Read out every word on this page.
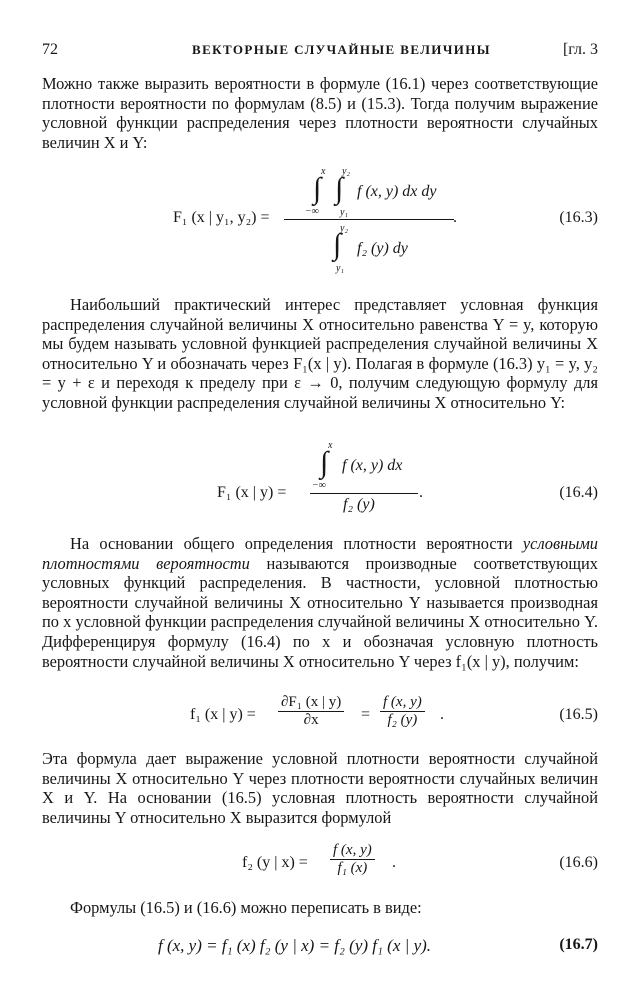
72	ВЕКТОРНЫЕ СЛУЧАЙНЫЕ ВЕЛИЧИНЫ	[гл. 3

Можно также выразить вероятности в формуле (16.1) через соответствующие плотности вероятности по формулам (8.5) и (15.3). Тогда получим выражение условной функции распределения через плотности вероятности случайных величин X и Y:

F₁ (x | y₁, y₂) =
x y₂
∫ ∫ f (x, y) dx dy
−∞ y₁	.
y₂
∫ f₂ (y) dy
y₁
(16.3)

Наибольший практический интерес представляет условная функция распределения случайной величины X относительно равенства Y = y, которую мы будем называть условной функцией распределения случайной величины X относительно Y и обозначать через F₁(x | y). Полагая в формуле (16.3) y₁ = y, y₂ = y + ε и переходя к пределу при ε → 0, получим следующую формулу для условной функции распределения случайной величины X относительно Y:

x
∫ f (x, y) dx
F₁ (x | y) =	−∞	.
f₂ (y)
(16.4)

На основании общего определения плотности вероятности условными плотностями вероятности называются производные соответствующих условных функций распределения. В частности, условной плотностью вероятности случайной величины X относительно Y называется производная по x условной функции распределения случайной величины X относительно Y. Дифференцируя формулу (16.4) по x и обозначая условную плотность вероятности случайной величины X относительно Y через f₁(x | y), получим:

f₁ (x | $y) = \frac{\text{∂F₁ (x | y)}}{\partial x} = \frac{f (x, y)}{\text{f₂ (y)}}$ .	(16.5)

Эта формула дает выражение условной плотности вероятности случайной величины X относительно Y через плотности вероятности случайных величин X и Y. На основании (16.5) условная плотность вероятности случайной величины Y относительно X выразится формулой

f₂ (y | $x) = \frac{f (x, y)}{\text{f₁ (x)}}$ .	(16.6)

Формулы (16.5) и (16.6) можно переписать в виде:

f (x, y) = f₁ (x) f₂ (y | x) = f₂ (y) f₁ (x | y).	(16.7)
